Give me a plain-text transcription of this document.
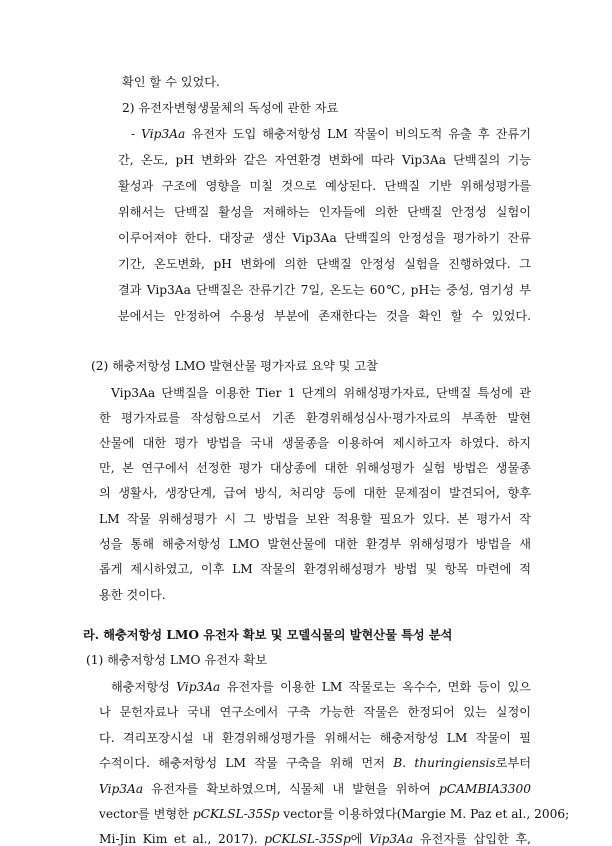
확인 할 수 있었다.

2) 유전자변형생물체의 독성에 관한 자료

- Vip3Aa 유전자 도입 해충저항성 LM 작물이 비의도적 유출 후 잔류기

간, 온도, pH 변화와 같은 자연환경 변화에 따라 Vip3Aa 단백질의 기능

활성과 구조에 영향을 미칠 것으로 예상된다. 단백질 기반 위해성평가를

위해서는 단백질 활성을 저해하는 인자들에 의한 단백질 안정성 실험이

이루어져야 한다. 대장균 생산 Vip3Aa 단백질의 안정성을 평가하기 잔류

기간, 온도변화, pH 변화에 의한 단백질 안정성 실험을 진행하였다. 그

결과 Vip3Aa 단백질은 잔류기간 7일, 온도는 60℃, pH는 중성, 염기성 부

분에서는 안정하여 수용성 부분에 존재한다는 것을 확인 할 수 있었다.

(2) 해충저항성 LMO 발현산물 평가자료 요약 및 고찰

Vip3Aa 단백질을 이용한 Tier 1 단계의 위해성평가자료, 단백질 특성에 관

한 평가자료를 작성함으로서 기존 환경위해성심사·평가자료의 부족한 발현

산물에 대한 평가 방법을 국내 생물종을 이용하여 제시하고자 하였다. 하지

만, 본 연구에서 선정한 평가 대상종에 대한 위해성평가 실험 방법은 생물종

의 생활사, 생장단계, 급여 방식, 처리양 등에 대한 문제점이 발견되어, 향후

LM 작물 위해성평가 시 그 방법을 보완 적용할 필요가 있다. 본 평가서 작

성을 통해 해충저항성 LMO 발현산물에 대한 환경부 위해성평가 방법을 새

롭게 제시하였고, 이후 LM 작물의 환경위해성평가 방법 및 항목 마련에 적

용한 것이다.

라. 해충저항성 LMO 유전자 확보 및 모델식물의 발현산물 특성 분석

(1) 해충저항성 LMO 유전자 확보

해충저항성 Vip3Aa 유전자를 이용한 LM 작물로는 옥수수, 면화 등이 있으

나 문헌자료나 국내 연구소에서 구축 가능한 작물은 한정되어 있는 실정이

다. 격리포장시설 내 환경위해성평가를 위해서는 해충저항성 LM 작물이 필

수적이다. 해충저항성 LM 작물 구축을 위해 먼저 B. thuringiensis로부터

Vip3Aa 유전자를 확보하였으며, 식물체 내 발현을 위하여 pCAMBIA3300

vector를 변형한 pCKLSL-35Sp vector를 이용하였다(Margie M. Paz et al., 2006;

Mi-Jin Kim et al., 2017). pCKLSL-35Sp에 Vip3Aa 유전자를 삽입한 후,
